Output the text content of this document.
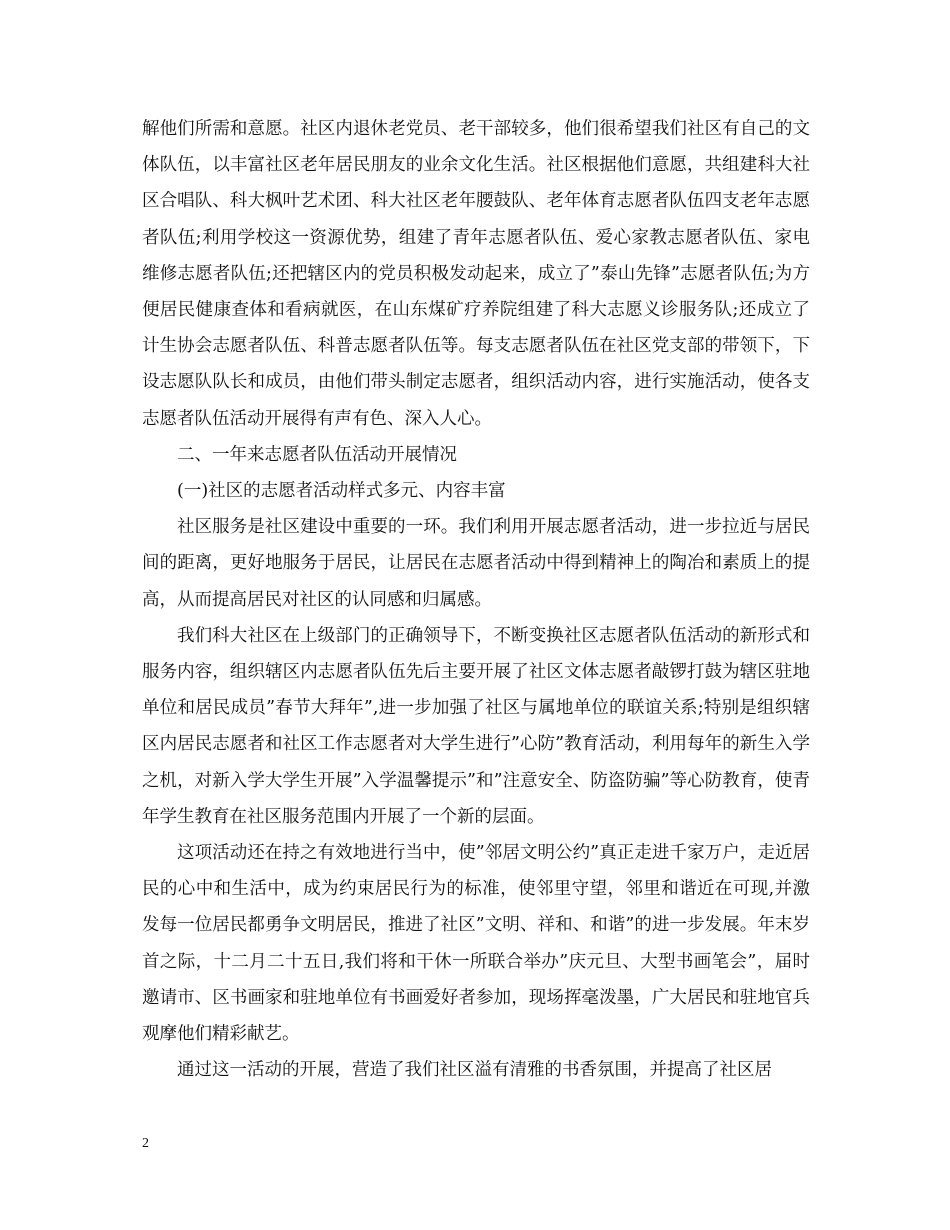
解他们所需和意愿。社区内退休老党员、老干部较多，他们很希望我们社区有自己的文体队伍，以丰富社区老年居民朋友的业余文化生活。社区根据他们意愿，共组建科大社区合唱队、科大枫叶艺术团、科大社区老年腰鼓队、老年体育志愿者队伍四支老年志愿者队伍;利用学校这一资源优势，组建了青年志愿者队伍、爱心家教志愿者队伍、家电维修志愿者队伍;还把辖区内的党员积极发动起来，成立了”泰山先锋”志愿者队伍;为方便居民健康查体和看病就医，在山东煤矿疗养院组建了科大志愿义诊服务队;还成立了计生协会志愿者队伍、科普志愿者队伍等。每支志愿者队伍在社区党支部的带领下，下设志愿队队长和成员，由他们带头制定志愿者，组织活动内容，进行实施活动，使各支志愿者队伍活动开展得有声有色、深入人心。

二、一年来志愿者队伍活动开展情况

(一)社区的志愿者活动样式多元、内容丰富

社区服务是社区建设中重要的一环。我们利用开展志愿者活动，进一步拉近与居民间的距离，更好地服务于居民，让居民在志愿者活动中得到精神上的陶冶和素质上的提高，从而提高居民对社区的认同感和归属感。

我们科大社区在上级部门的正确领导下，不断变换社区志愿者队伍活动的新形式和服务内容，组织辖区内志愿者队伍先后主要开展了社区文体志愿者敲锣打鼓为辖区驻地单位和居民成员”春节大拜年”,进一步加强了社区与属地单位的联谊关系;特别是组织辖区内居民志愿者和社区工作志愿者对大学生进行”心防”教育活动，利用每年的新生入学之机，对新入学大学生开展”入学温馨提示”和”注意安全、防盗防骗”等心防教育，使青年学生教育在社区服务范围内开展了一个新的层面。

这项活动还在持之有效地进行当中，使”邻居文明公约”真正走进千家万户，走近居民的心中和生活中，成为约束居民行为的标准，使邻里守望，邻里和谐近在可现,并激发每一位居民都勇争文明居民，推进了社区”文明、祥和、和谐”的进一步发展。年末岁首之际，十二月二十五日,我们将和干休一所联合举办”庆元旦、大型书画笔会”，届时邀请市、区书画家和驻地单位有书画爱好者参加，现场挥毫泼墨，广大居民和驻地官兵观摩他们精彩献艺。

通过这一活动的开展，营造了我们社区溢有清雅的书香氛围，并提高了社区居

2
